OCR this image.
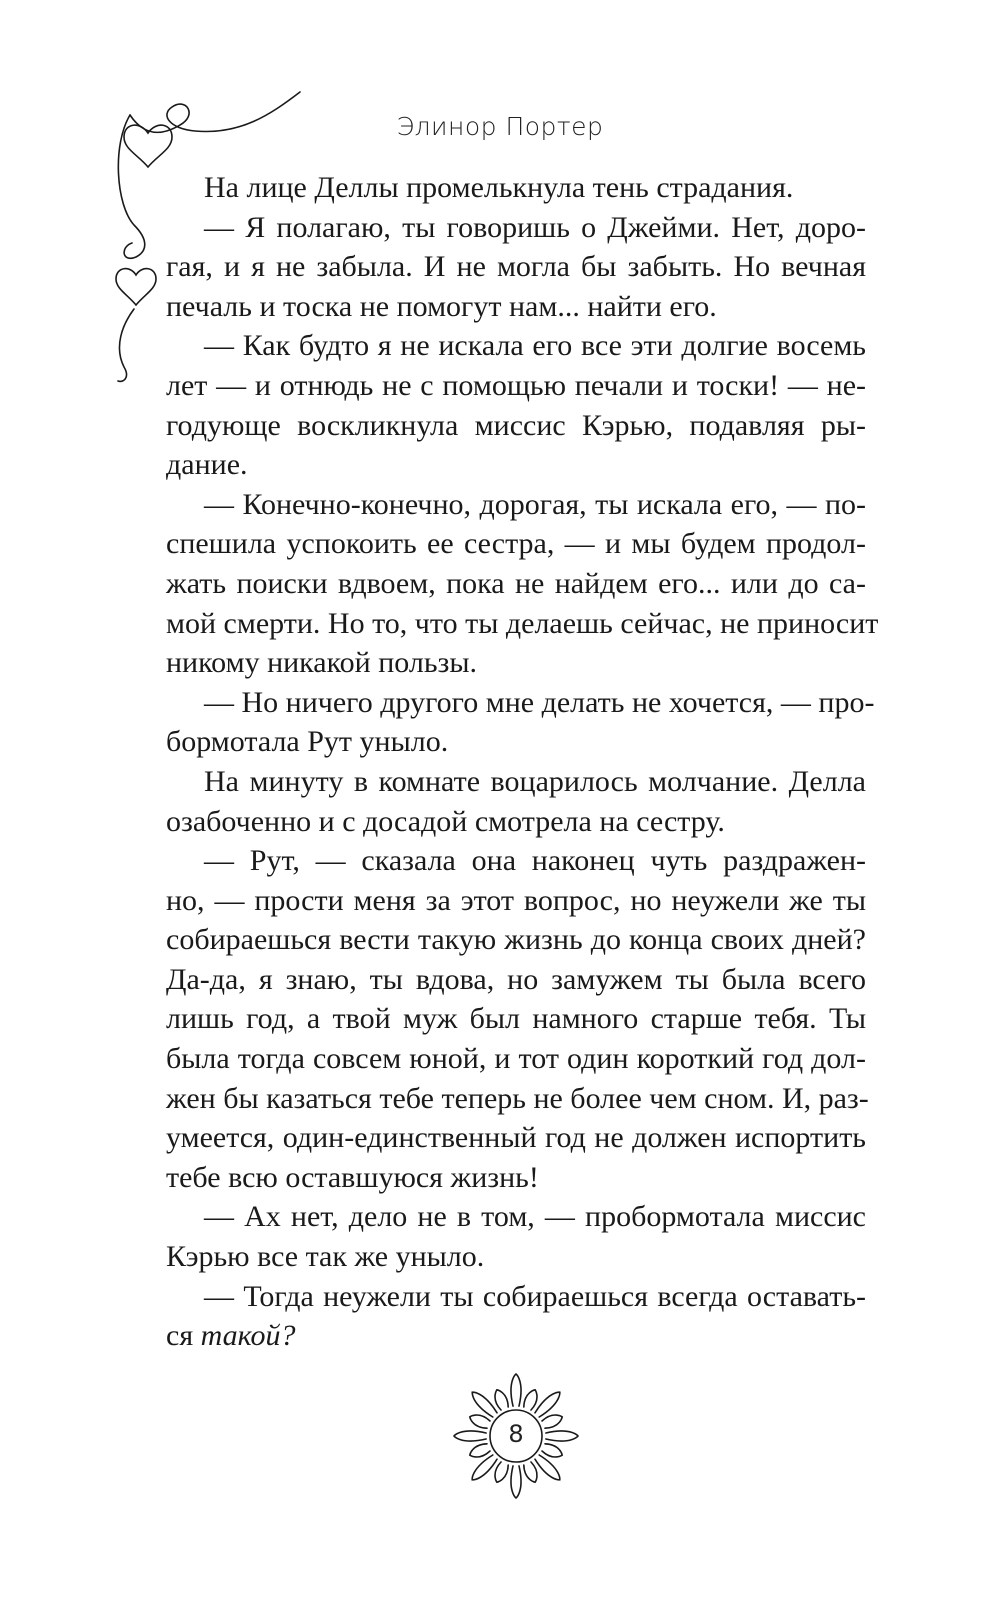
Элинор Портер
На лице Деллы промелькнула тень страдания.
— Я полагаю, ты говоришь о Джейми. Нет, доро-
гая, и я не забыла. И не могла бы забыть. Но вечная
печаль и тоска не помогут нам... найти его.
— Как будто я не искала его все эти долгие восемь
лет — и отнюдь не с помощью печали и тоски! — не-
годующе воскликнула миссис Кэрью, подавляя ры-
дание.
— Конечно-конечно, дорогая, ты искала его, — по-
спешила успокоить ее сестра, — и мы будем продол-
жать поиски вдвоем, пока не найдем его... или до са-
мой смерти. Но то, что ты делаешь сейчас, не приносит
никому никакой пользы.
— Но ничего другого мне делать не хочется, — про-
бормотала Рут уныло.
На минуту в комнате воцарилось молчание. Делла
озабоченно и с досадой смотрела на сестру.
— Рут, — сказала она наконец чуть раздражен-
но, — прости меня за этот вопрос, но неужели же ты
собираешься вести такую жизнь до конца своих дней?
Да-да, я знаю, ты вдова, но замужем ты была всего
лишь год, а твой муж был намного старше тебя. Ты
была тогда совсем юной, и тот один короткий год дол-
жен бы казаться тебе теперь не более чем сном. И, раз-
умеется, один-единственный год не должен испортить
тебе всю оставшуюся жизнь!
— Ах нет, дело не в том, — пробормотала миссис
Кэрью все так же уныло.
— Тогда неужели ты собираешься всегда оставать-
ся такой?
8
